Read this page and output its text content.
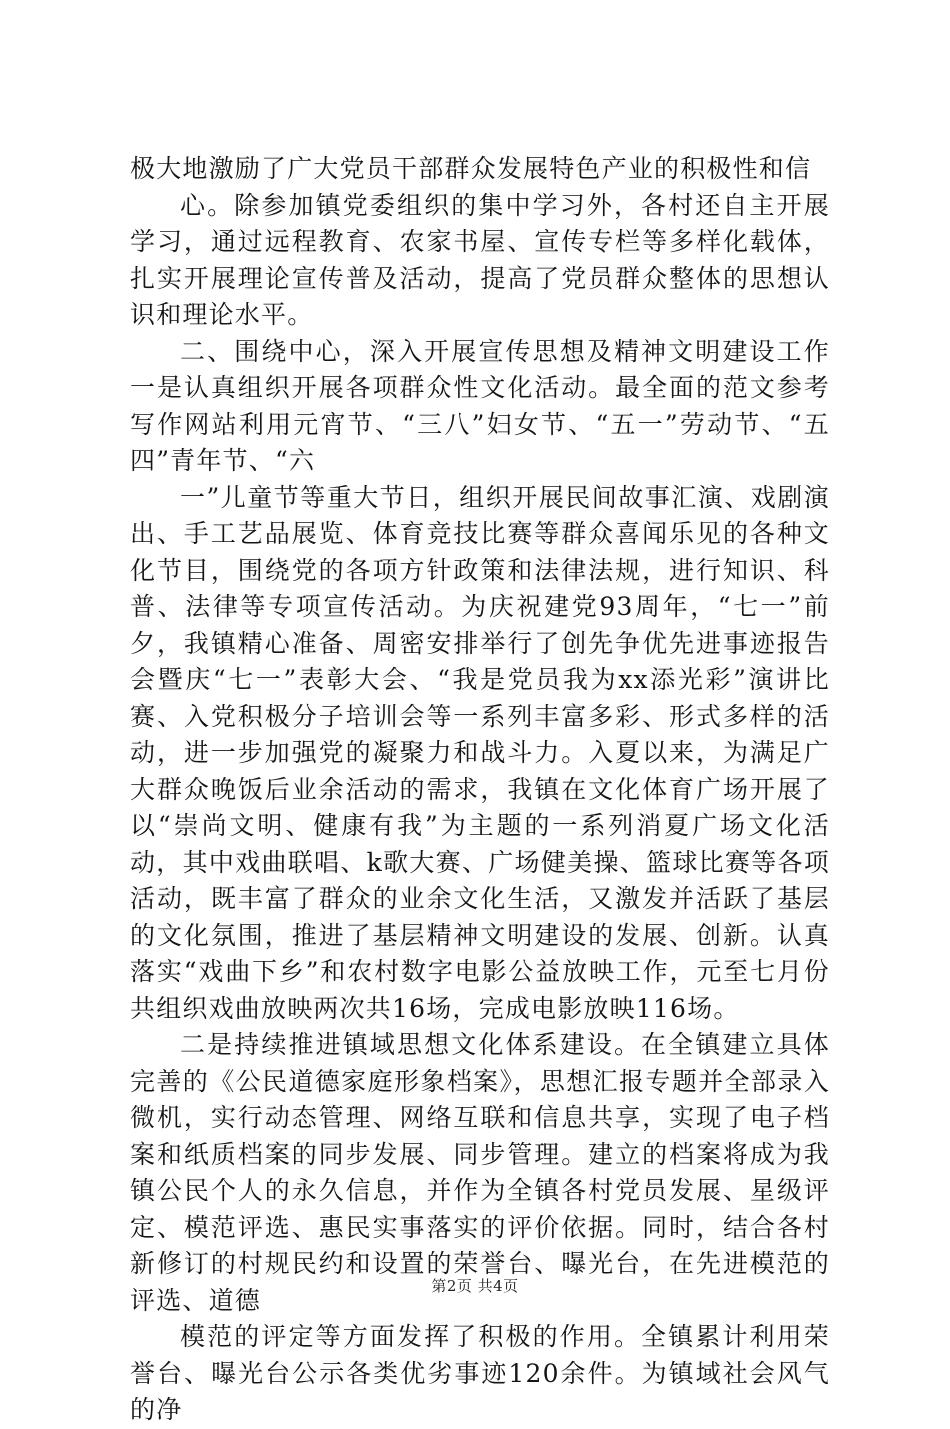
极大地激励了广大党员干部群众发展特色产业的积极性和信

心。除参加镇党委组织的集中学习外，各村还自主开展学习，通过远程教育、农家书屋、宣传专栏等多样化载体，扎实开展理论宣传普及活动，提高了党员群众整体的思想认识和理论水平。

二、围绕中心，深入开展宣传思想及精神文明建设工作一是认真组织开展各项群众性文化活动。最全面的范文参考写作网站利用元宵节、“三八”妇女节、“五一”劳动节、“五四”青年节、“六

一”儿童节等重大节日，组织开展民间故事汇演、戏剧演出、手工艺品展览、体育竞技比赛等群众喜闻乐见的各种文化节目，围绕党的各项方针政策和法律法规，进行知识、科普、法律等专项宣传活动。为庆祝建党93周年，“七一”前夕，我镇精心准备、周密安排举行了创先争优先进事迹报告会暨庆“七一”表彰大会、“我是党员我为xx添光彩”演讲比赛、入党积极分子培训会等一系列丰富多彩、形式多样的活动，进一步加强党的凝聚力和战斗力。入夏以来，为满足广大群众晚饭后业余活动的需求，我镇在文化体育广场开展了以“崇尚文明、健康有我”为主题的一系列消夏广场文化活动，其中戏曲联唱、k歌大赛、广场健美操、篮球比赛等各项活动，既丰富了群众的业余文化生活，又激发并活跃了基层的文化氛围，推进了基层精神文明建设的发展、创新。认真落实“戏曲下乡”和农村数字电影公益放映工作，元至七月份共组织戏曲放映两次共16场，完成电影放映116场。

二是持续推进镇域思想文化体系建设。在全镇建立具体完善的《公民道德家庭形象档案》，思想汇报专题并全部录入微机，实行动态管理、网络互联和信息共享，实现了电子档案和纸质档案的同步发展、同步管理。建立的档案将成为我镇公民个人的永久信息，并作为全镇各村党员发展、星级评定、模范评选、惠民实事落实的评价依据。同时，结合各村新修订的村规民约和设置的荣誉台、曝光台，在先进模范的评选、道德

模范的评定等方面发挥了积极的作用。全镇累计利用荣誉台、曝光台公示各类优劣事迹120余件。为镇域社会风气的净

第2页 共4页
